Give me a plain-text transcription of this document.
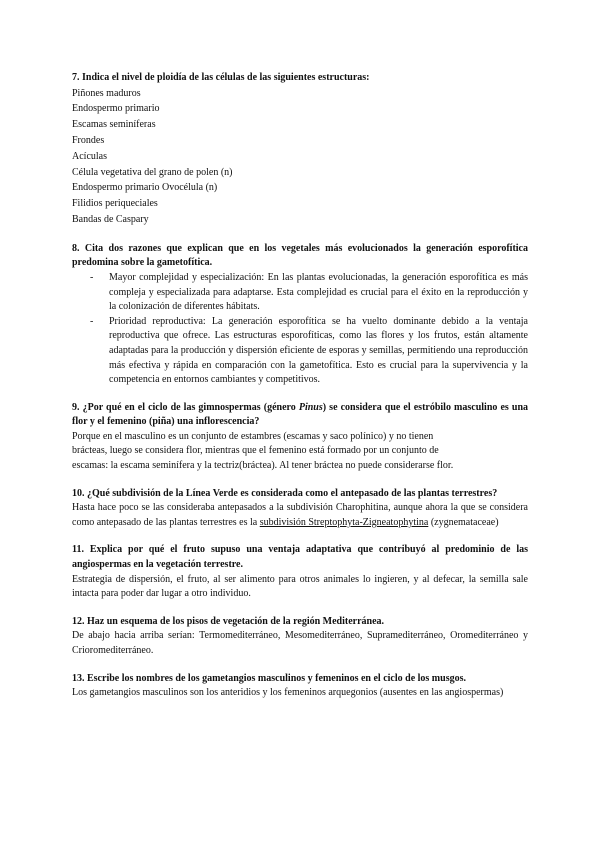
7. Indica el nivel de ploidía de las células de las siguientes estructuras:

Piñones maduros
Endospermo primario
Escamas seminíferas
Frondes
Acículas
Célula vegetativa del grano de polen (n)
Endospermo primario Ovocélula (n)
Filidios periqueciales
Bandas de Caspary

8. Cita dos razones que explican que en los vegetales más evolucionados la generación esporofítica predomina sobre la gametofítica.

- Mayor complejidad y especialización: En las plantas evolucionadas, la generación esporofítica es más compleja y especializada para adaptarse. Esta complejidad es crucial para el éxito en la reproducción y la colonización de diferentes hábitats.
- Prioridad reproductiva: La generación esporofítica se ha vuelto dominante debido a la ventaja reproductiva que ofrece. Las estructuras esporofíticas, como las flores y los frutos, están altamente adaptadas para la producción y dispersión eficiente de esporas y semillas, permitiendo una reproducción más efectiva y rápida en comparación con la gametofítica. Esto es crucial para la supervivencia y la competencia en entornos cambiantes y competitivos.

9. ¿Por qué en el ciclo de las gimnospermas (género Pinus) se considera que el estróbilo masculino es una flor y el femenino (piña) una inflorescencia?

Porque en el masculino es un conjunto de estambres (escamas y saco polínico) y no tienen
brácteas, luego se considera flor, mientras que el femenino está formado por un conjunto de
escamas: la escama seminífera y la tectriz(bráctea). Al tener bráctea no puede considerarse flor.

10. ¿Qué subdivisión de la Línea Verde es considerada como el antepasado de las plantas terrestres?

Hasta hace poco se las consideraba antepasados a la subdivisión Charophitina, aunque ahora la que se considera como antepasado de las plantas terrestres es la subdivisión Streptophyta-Zigneatophytina (zygnemataceae)

11. Explica por qué el fruto supuso una ventaja adaptativa que contribuyó al predominio de las angiospermas en la vegetación terrestre.

Estrategia de dispersión, el fruto, al ser alimento para otros animales lo ingieren, y al defecar, la semilla sale intacta para poder dar lugar a otro individuo.

12. Haz un esquema de los pisos de vegetación de la región Mediterránea.

De abajo hacia arriba serían: Termomediterráneo, Mesomediterráneo, Supramediterráneo, Oromediterráneo y Crioromediterráneo.

13. Escribe los nombres de los gametangios masculinos y femeninos en el ciclo de los musgos.

Los gametangios masculinos son los anteridios y los femeninos arquegonios (ausentes en las angiospermas)
